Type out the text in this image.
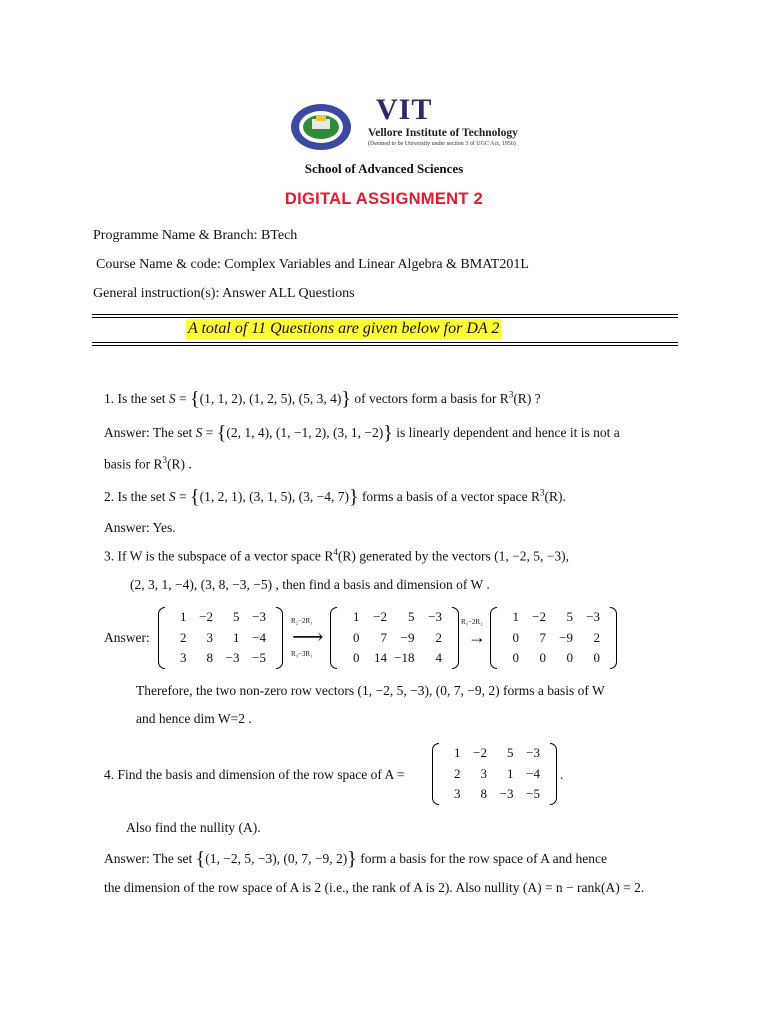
VIT
Vellore Institute of Technology
(Deemed to be University under section 3 of UGC Act, 1956)
School of Advanced Sciences
DIGITAL ASSIGNMENT 2
Programme Name & Branch: BTech
Course Name & code: Complex Variables and Linear Algebra & BMAT201L
General instruction(s): Answer ALL Questions
A total of 11 Questions are given below for DA 2
1. Is the set S = {(1, 1, 2), (1, 2, 5), (5, 3, 4)} of vectors form a basis for $R^3(R)$ ?
Answer: The set S = {(2, 1, 4), (1, −1, 2), (3, 1, −2)} is linearly dependent and hence it is not a
basis for $R^3(R)$ .
2. Is the set S = {(1, 2, 1), (3, 1, 5), (3, −4, 7)} forms a basis of a vector space $R^3(R)$.
Answer: Yes.
3. If W is the subspace of a vector space $R^4(R)$ generated by the vectors (1, −2, 5, −3),
(2, 3, 1, −4), (3, 8, −3, −5) , then find a basis and dimension of W .
Answer:
1 −2	5 −3
2	3	1 −4
3	8 −3 −5
R₂−2R₁
⟶
R₃−3R₁
1	−2	5	−3
0	7	−9	2
0	14 −18	4
R₃−2R₂
→
1	−2	5	−3
0	7	−9	2
0	0	0	0
Therefore, the two non-zero row vectors (1, −2, 5, −3), (0, 7, −9, 2) forms a basis of W
and hence dim W=2 .
4. Find the basis and dimension of the row space of A =
1 −2	5 −3
2	3	1 −4
3	8 −3 −5
.
Also find the nullity (A).
Answer: The set {(1, −2, 5, −3), (0, 7, −9, 2)} form a basis for the row space of A and hence
the dimension of the row space of A is 2 (i.e., the rank of A is 2). Also nullity (A) = n − rank(A) = 2.
